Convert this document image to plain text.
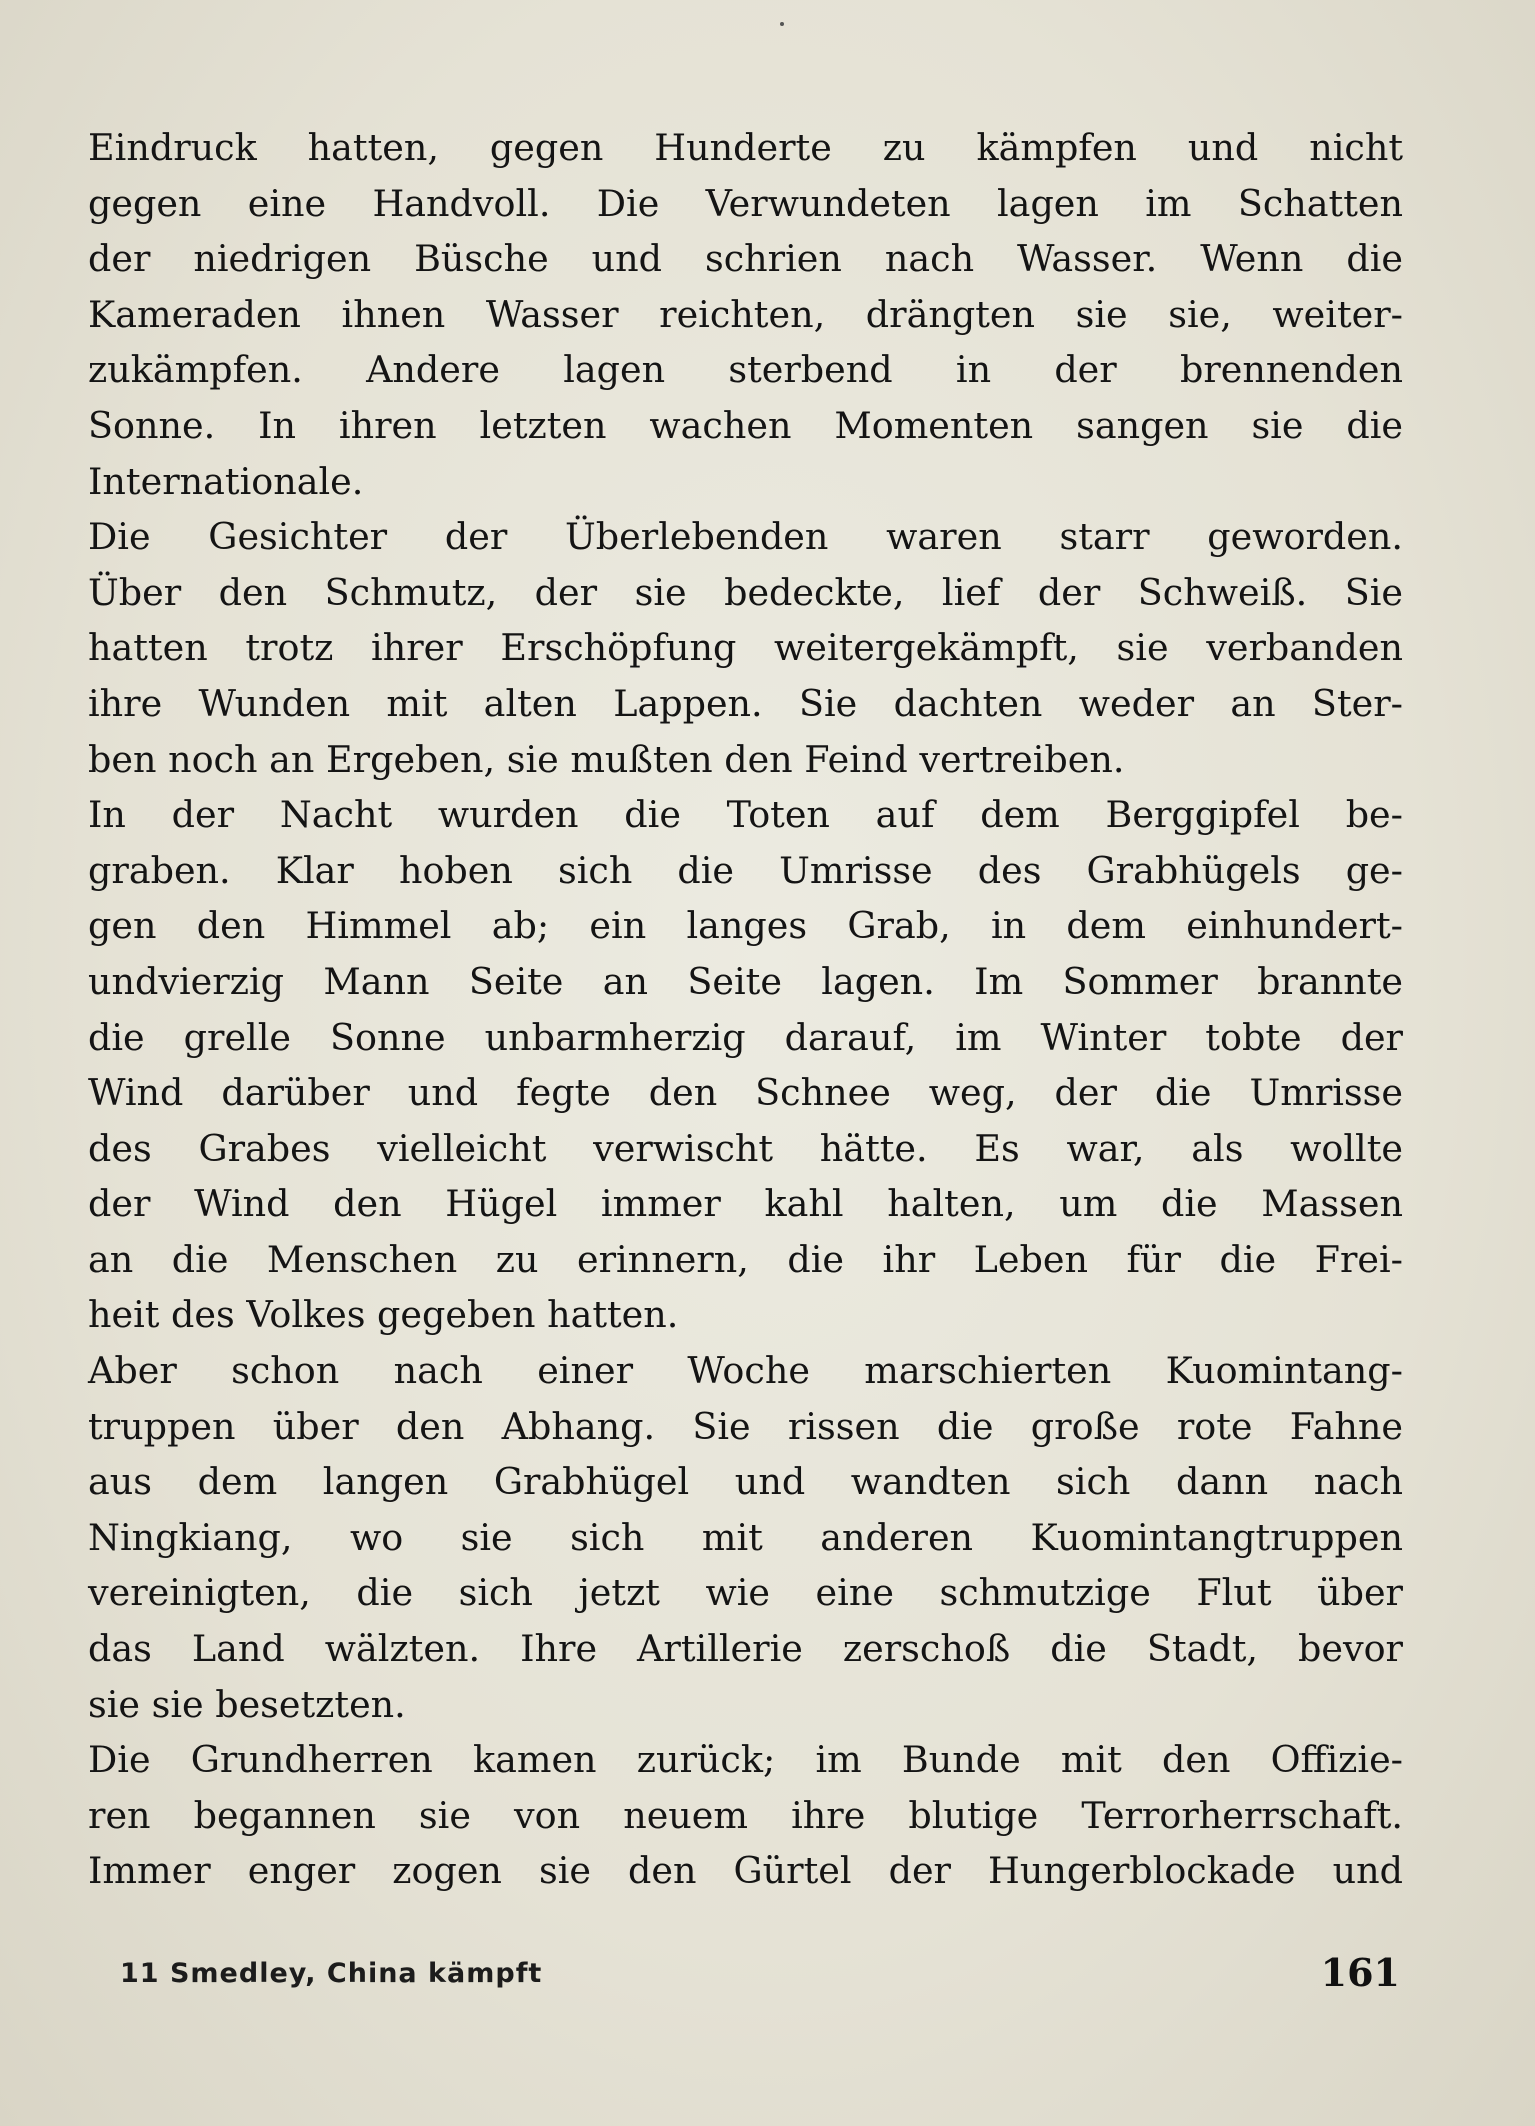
Eindruck hatten, gegen Hunderte zu kämpfen und nicht
gegen eine Handvoll. Die Verwundeten lagen im Schatten
der niedrigen Büsche und schrien nach Wasser. Wenn die
Kameraden ihnen Wasser reichten, drängten sie sie, weiter-
zukämpfen. Andere lagen sterbend in der brennenden
Sonne. In ihren letzten wachen Momenten sangen sie die
Internationale.
Die Gesichter der Überlebenden waren starr geworden.
Über den Schmutz, der sie bedeckte, lief der Schweiß. Sie
hatten trotz ihrer Erschöpfung weitergekämpft, sie verbanden
ihre Wunden mit alten Lappen. Sie dachten weder an Ster-
ben noch an Ergeben, sie mußten den Feind vertreiben.
In der Nacht wurden die Toten auf dem Berggipfel be-
graben. Klar hoben sich die Umrisse des Grabhügels ge-
gen den Himmel ab; ein langes Grab, in dem einhundert-
undvierzig Mann Seite an Seite lagen. Im Sommer brannte
die grelle Sonne unbarmherzig darauf, im Winter tobte der
Wind darüber und fegte den Schnee weg, der die Umrisse
des Grabes vielleicht verwischt hätte. Es war, als wollte
der Wind den Hügel immer kahl halten, um die Massen
an die Menschen zu erinnern, die ihr Leben für die Frei-
heit des Volkes gegeben hatten.
Aber schon nach einer Woche marschierten Kuomintang-
truppen über den Abhang. Sie rissen die große rote Fahne
aus dem langen Grabhügel und wandten sich dann nach
Ningkiang, wo sie sich mit anderen Kuomintangtruppen
vereinigten, die sich jetzt wie eine schmutzige Flut über
das Land wälzten. Ihre Artillerie zerschoß die Stadt, bevor
sie sie besetzten.
Die Grundherren kamen zurück; im Bunde mit den Offizie-
ren begannen sie von neuem ihre blutige Terrorherrschaft.
Immer enger zogen sie den Gürtel der Hungerblockade und
11 Smedley, China kämpft	161
